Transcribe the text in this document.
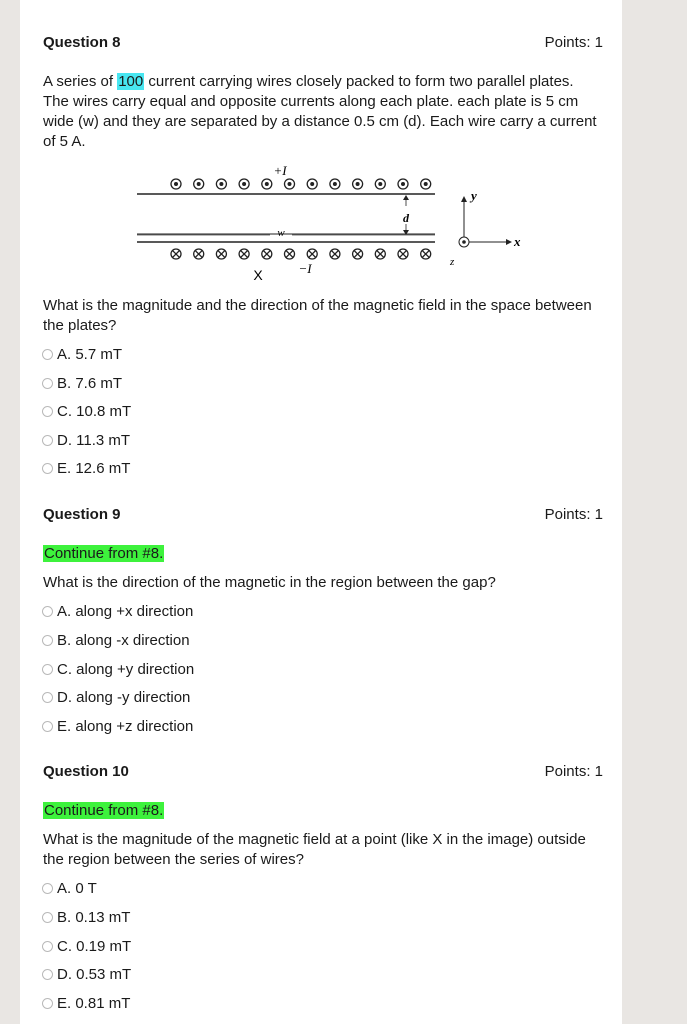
Question 8	Points: 1
A series of 100 current carrying wires closely packed to form two parallel plates. The wires carry equal and opposite currents along each plate. each plate is 5 cm wide (w) and they are separated by a distance 0.5 cm (d). Each wire carry a current of 5 A.
+I
w
d
y
x
z
X	−I
What is the magnitude and the direction of the magnetic field in the space between the plates?
A. 5.7 mT
B. 7.6 mT
C. 10.8 mT
D. 11.3 mT
E. 12.6 mT
Question 9	Points: 1
Continue from #8.
What is the direction of the magnetic in the region between the gap?
A. along +x direction
B. along -x direction
C. along +y direction
D. along -y direction
E. along +z direction
Question 10	Points: 1
Continue from #8.
What is the magnitude of the magnetic field at a point (like X in the image) outside the region between the series of wires?
A. 0 T
B. 0.13 mT
C. 0.19 mT
D. 0.53 mT
E. 0.81 mT
